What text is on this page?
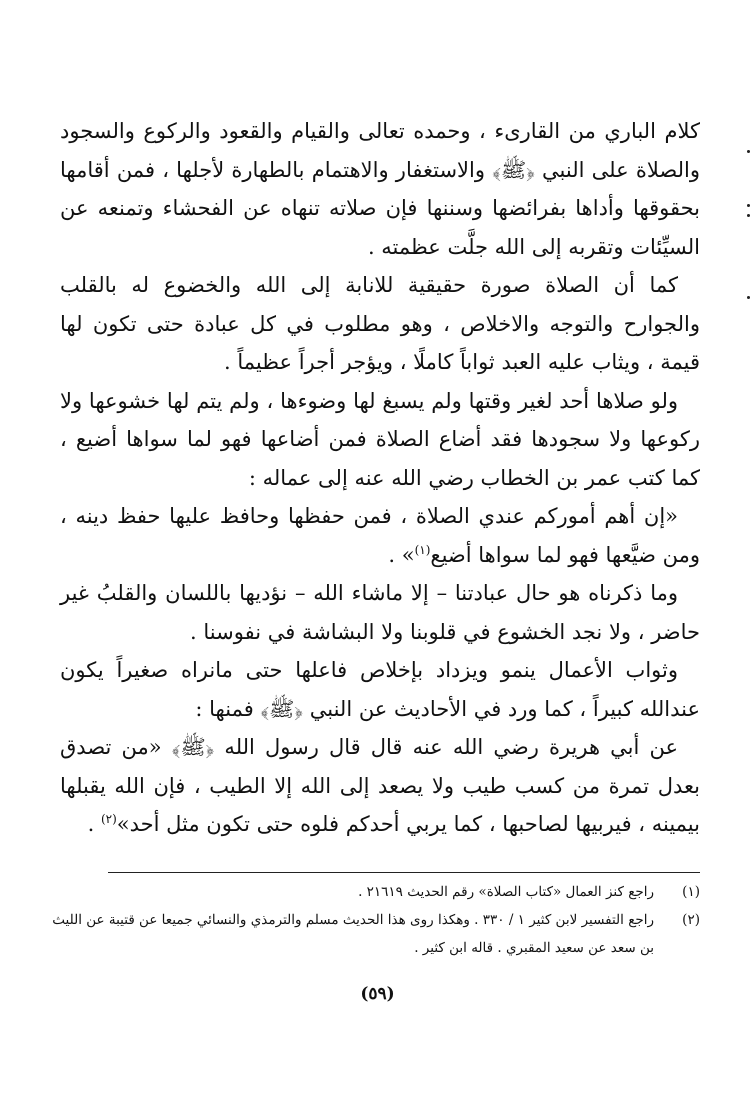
كلام الباري من القارىء ، وحمده تعالى والقيام والقعود والركوع والسجود والصلاة على النبي ﴿ﷺ﴾ والاستغفار والاهتمام بالطهارة لأجلها ، فمن أقامها بحقوقها وأداها بفرائضها وسننها فإن صلاته تنهاه عن الفحشاء وتمنعه عن السيِّئات وتقربه إلى الله جلَّت عظمته .

كما أن الصلاة صورة حقيقية للانابة إلى الله والخضوع له بالقلب والجوارح والتوجه والاخلاص ، وهو مطلوب في كل عبادة حتى تكون لها قيمة ، ويثاب عليه العبد ثواباً كاملًا ، ويؤجر أجراً عظيماً .

ولو صلاها أحد لغير وقتها ولم يسبغ لها وضوءها ، ولم يتم لها خشوعها ولا ركوعها ولا سجودها فقد أضاع الصلاة فمن أضاعها فهو لما سواها أضيع ، كما كتب عمر بن الخطاب رضي الله عنه إلى عماله :

«إن أهم أموركم عندي الصلاة ، فمن حفظها وحافظ عليها حفظ دينه ، ومن ضيَّعها فهو لما سواها أضيع$^{(١)}$» .

وما ذكرناه هو حال عبادتنا – إلا ماشاء الله – نؤديها باللسان والقلبُ غير حاضر ، ولا نجد الخشوع في قلوبنا ولا البشاشة في نفوسنا .

وثواب الأعمال ينمو ويزداد بإخلاص فاعلها حتى مانراه صغيراً يكون عندالله كبيراً ، كما ورد في الأحاديث عن النبي ﴿ﷺ﴾ فمنها :

عن أبي هريرة رضي الله عنه قال قال رسول الله ﴿ﷺ﴾ «من تصدق بعدل تمرة من كسب طيب ولا يصعد إلى الله إلا الطيب ، فإن الله يقبلها بيمينه ، فيربيها لصاحبها ، كما يربي أحدكم فلوه حتى تكون مثل أحد»$^{(٢)}$ .

(١)
راجع كنز العمال «كتاب الصلاة» رقم الحديث ٢١٦١٩ .

(٢)
راجع التفسير لابن كثير ١ / ٣٣٠ . وهكذا روى هذا الحديث مسلم والترمذي والنسائي جميعا عن قتيبة عن الليث بن سعد عن سعيد المقبري . قاله ابن كثير .

(٥٩)
